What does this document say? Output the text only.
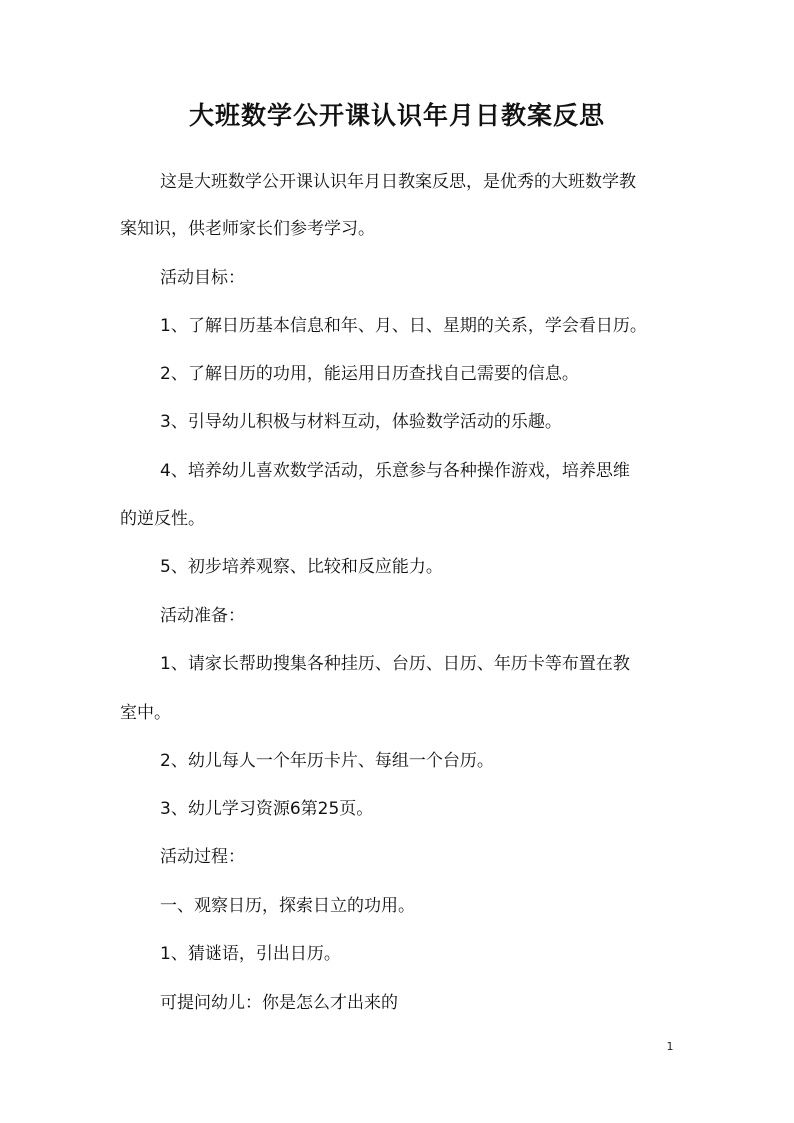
大班数学公开课认识年月日教案反思
这是大班数学公开课认识年月日教案反思，是优秀的大班数学教
案知识，供老师家长们参考学习。
活动目标：
1、了解日历基本信息和年、月、日、星期的关系，学会看日历。
2、了解日历的功用，能运用日历查找自己需要的信息。
3、引导幼儿积极与材料互动，体验数学活动的乐趣。
4、培养幼儿喜欢数学活动，乐意参与各种操作游戏，培养思维
的逆反性。
5、初步培养观察、比较和反应能力。
活动准备：
1、请家长帮助搜集各种挂历、台历、日历、年历卡等布置在教
室中。
2、幼儿每人一个年历卡片、每组一个台历。
3、幼儿学习资源6第25页。
活动过程：
一、观察日历，探索日立的功用。
1、猜谜语，引出日历。
可提问幼儿：你是怎么才出来的
1
